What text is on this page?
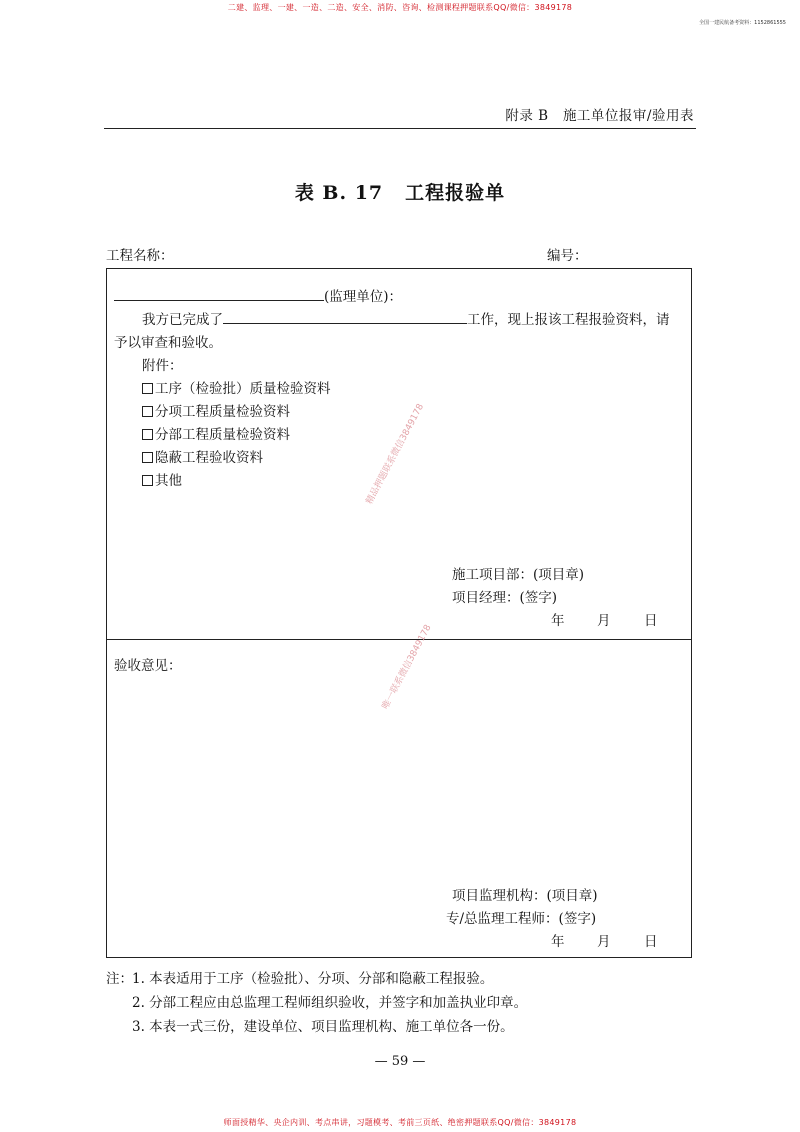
二建、监理、一建、一造、二造、安全、消防、咨询、检测课程押题联系QQ/微信：3849178
全国一建民航备考资料：1152861555
附录 B 施工单位报审/验用表
表 B. 17 工程报验单
工程名称：	编号：
(监理单位)：
我方已完成了	工作，现上报该工程报验资料，请
予以审查和验收。
附件：
工序（检验批）质量检验资料
分项工程质量检验资料
分部工程质量检验资料
隐蔽工程验收资料
其他	精品押题联系微信3849178
施工项目部：(项目章)
项目经理：(签字)
年 月 日
验收意见：	唯一联系微信3849178
项目监理机构：(项目章)
专/总监理工程师：(签字)
年 月 日
注： 1. 本表适用于工序（检验批）、分项、分部和隐蔽工程报验。
2. 分部工程应由总监理工程师组织验收，并签字和加盖执业印章。
3. 本表一式三份，建设单位、项目监理机构、施工单位各一份。
— 59 —
师面授精华、央企内训、考点串讲，习题模考、考前三页纸、绝密押题联系QQ/微信：3849178
